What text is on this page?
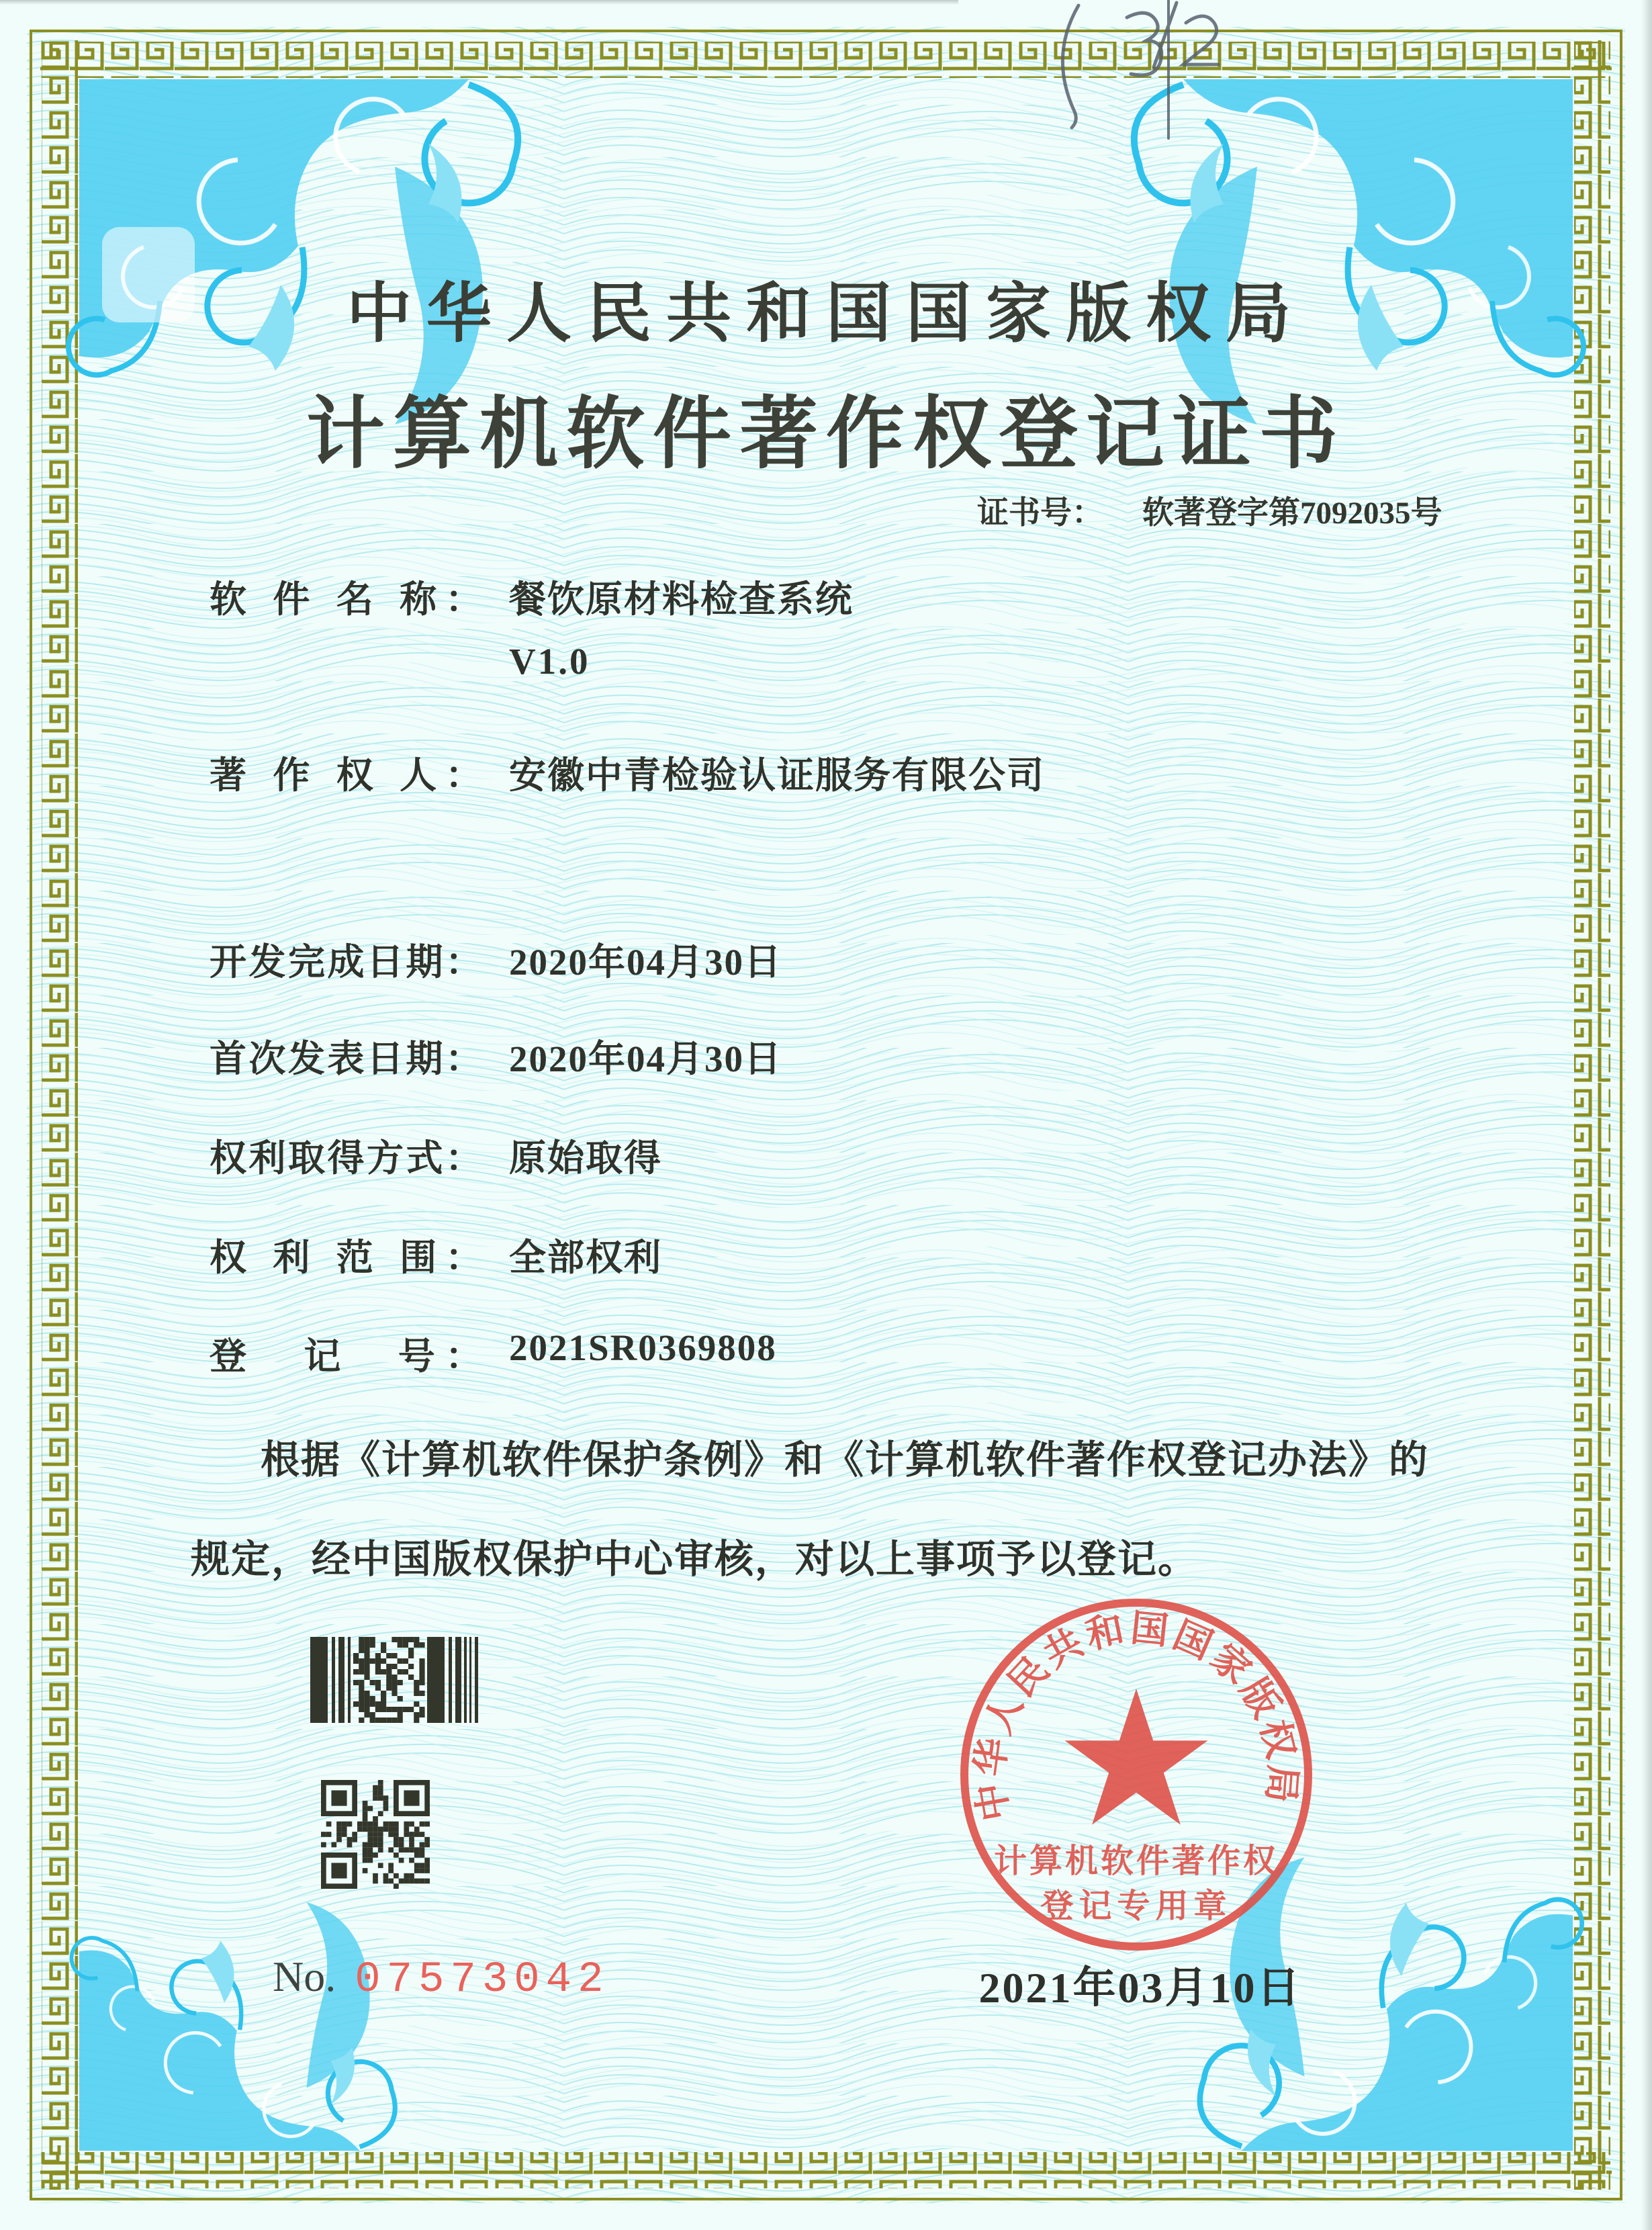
中华人民共和国国家版权局
计算机软件著作权登记证书
证书号： 软著登字第7092035号
软 件 名 称： 餐饮原材料检查系统
V1.0
著 作 权 人： 安徽中青检验认证服务有限公司
开发完成日期： 2020年04月30日
首次发表日期： 2020年04月30日
权利取得方式： 原始取得
权 利 范 围： 全部权利
登　记　号： 2021SR0369808
根据《计算机软件保护条例》和《计算机软件著作权登记办法》的
规定，经中国版权保护中心审核，对以上事项予以登记。
No. 07573042
中华人民共和国国家版权局
计算机软件著作权
登记专用章
2021年03月10日
